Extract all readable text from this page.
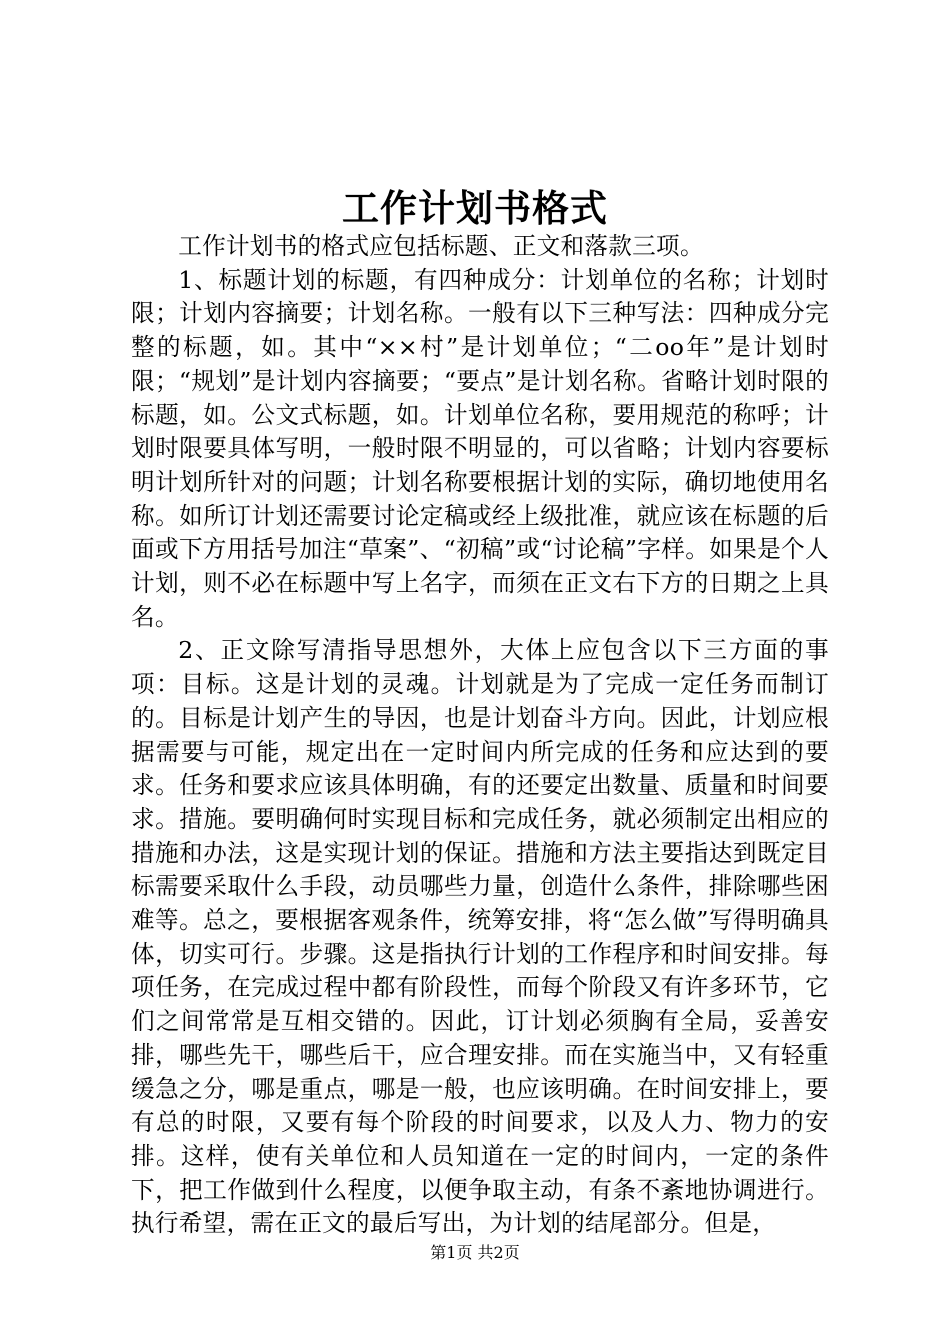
工作计划书格式

工作计划书的格式应包括标题、正文和落款三项。

1、标题计划的标题，有四种成分：计划单位的名称；计划时限；计划内容摘要；计划名称。一般有以下三种写法：四种成分完整的标题，如。其中“××村”是计划单位；“二oo年”是计划时限；“规划”是计划内容摘要；“要点”是计划名称。省略计划时限的标题，如。公文式标题，如。计划单位名称，要用规范的称呼；计划时限要具体写明，一般时限不明显的，可以省略；计划内容要标明计划所针对的问题；计划名称要根据计划的实际，确切地使用名称。如所订计划还需要讨论定稿或经上级批准，就应该在标题的后面或下方用括号加注“草案”、“初稿”或“讨论稿”字样。如果是个人计划，则不必在标题中写上名字，而须在正文右下方的日期之上具名。

2、正文除写清指导思想外，大体上应包含以下三方面的事项：目标。这是计划的灵魂。计划就是为了完成一定任务而制订的。目标是计划产生的导因，也是计划奋斗方向。因此，计划应根据需要与可能，规定出在一定时间内所完成的任务和应达到的要求。任务和要求应该具体明确，有的还要定出数量、质量和时间要求。措施。要明确何时实现目标和完成任务，就必须制定出相应的措施和办法，这是实现计划的保证。措施和方法主要指达到既定目标需要采取什么手段，动员哪些力量，创造什么条件，排除哪些困难等。总之，要根据客观条件，统筹安排，将“怎么做”写得明确具体，切实可行。步骤。这是指执行计划的工作程序和时间安排。每项任务，在完成过程中都有阶段性，而每个阶段又有许多环节，它们之间常常是互相交错的。因此，订计划必须胸有全局，妥善安排，哪些先干，哪些后干，应合理安排。而在实施当中，又有轻重缓急之分，哪是重点，哪是一般，也应该明确。在时间安排上，要有总的时限，又要有每个阶段的时间要求，以及人力、物力的安排。这样，使有关单位和人员知道在一定的时间内，一定的条件下，把工作做到什么程度，以便争取主动，有条不紊地协调进行。执行希望，需在正文的最后写出，为计划的结尾部分。但是，

第1页 共2页
